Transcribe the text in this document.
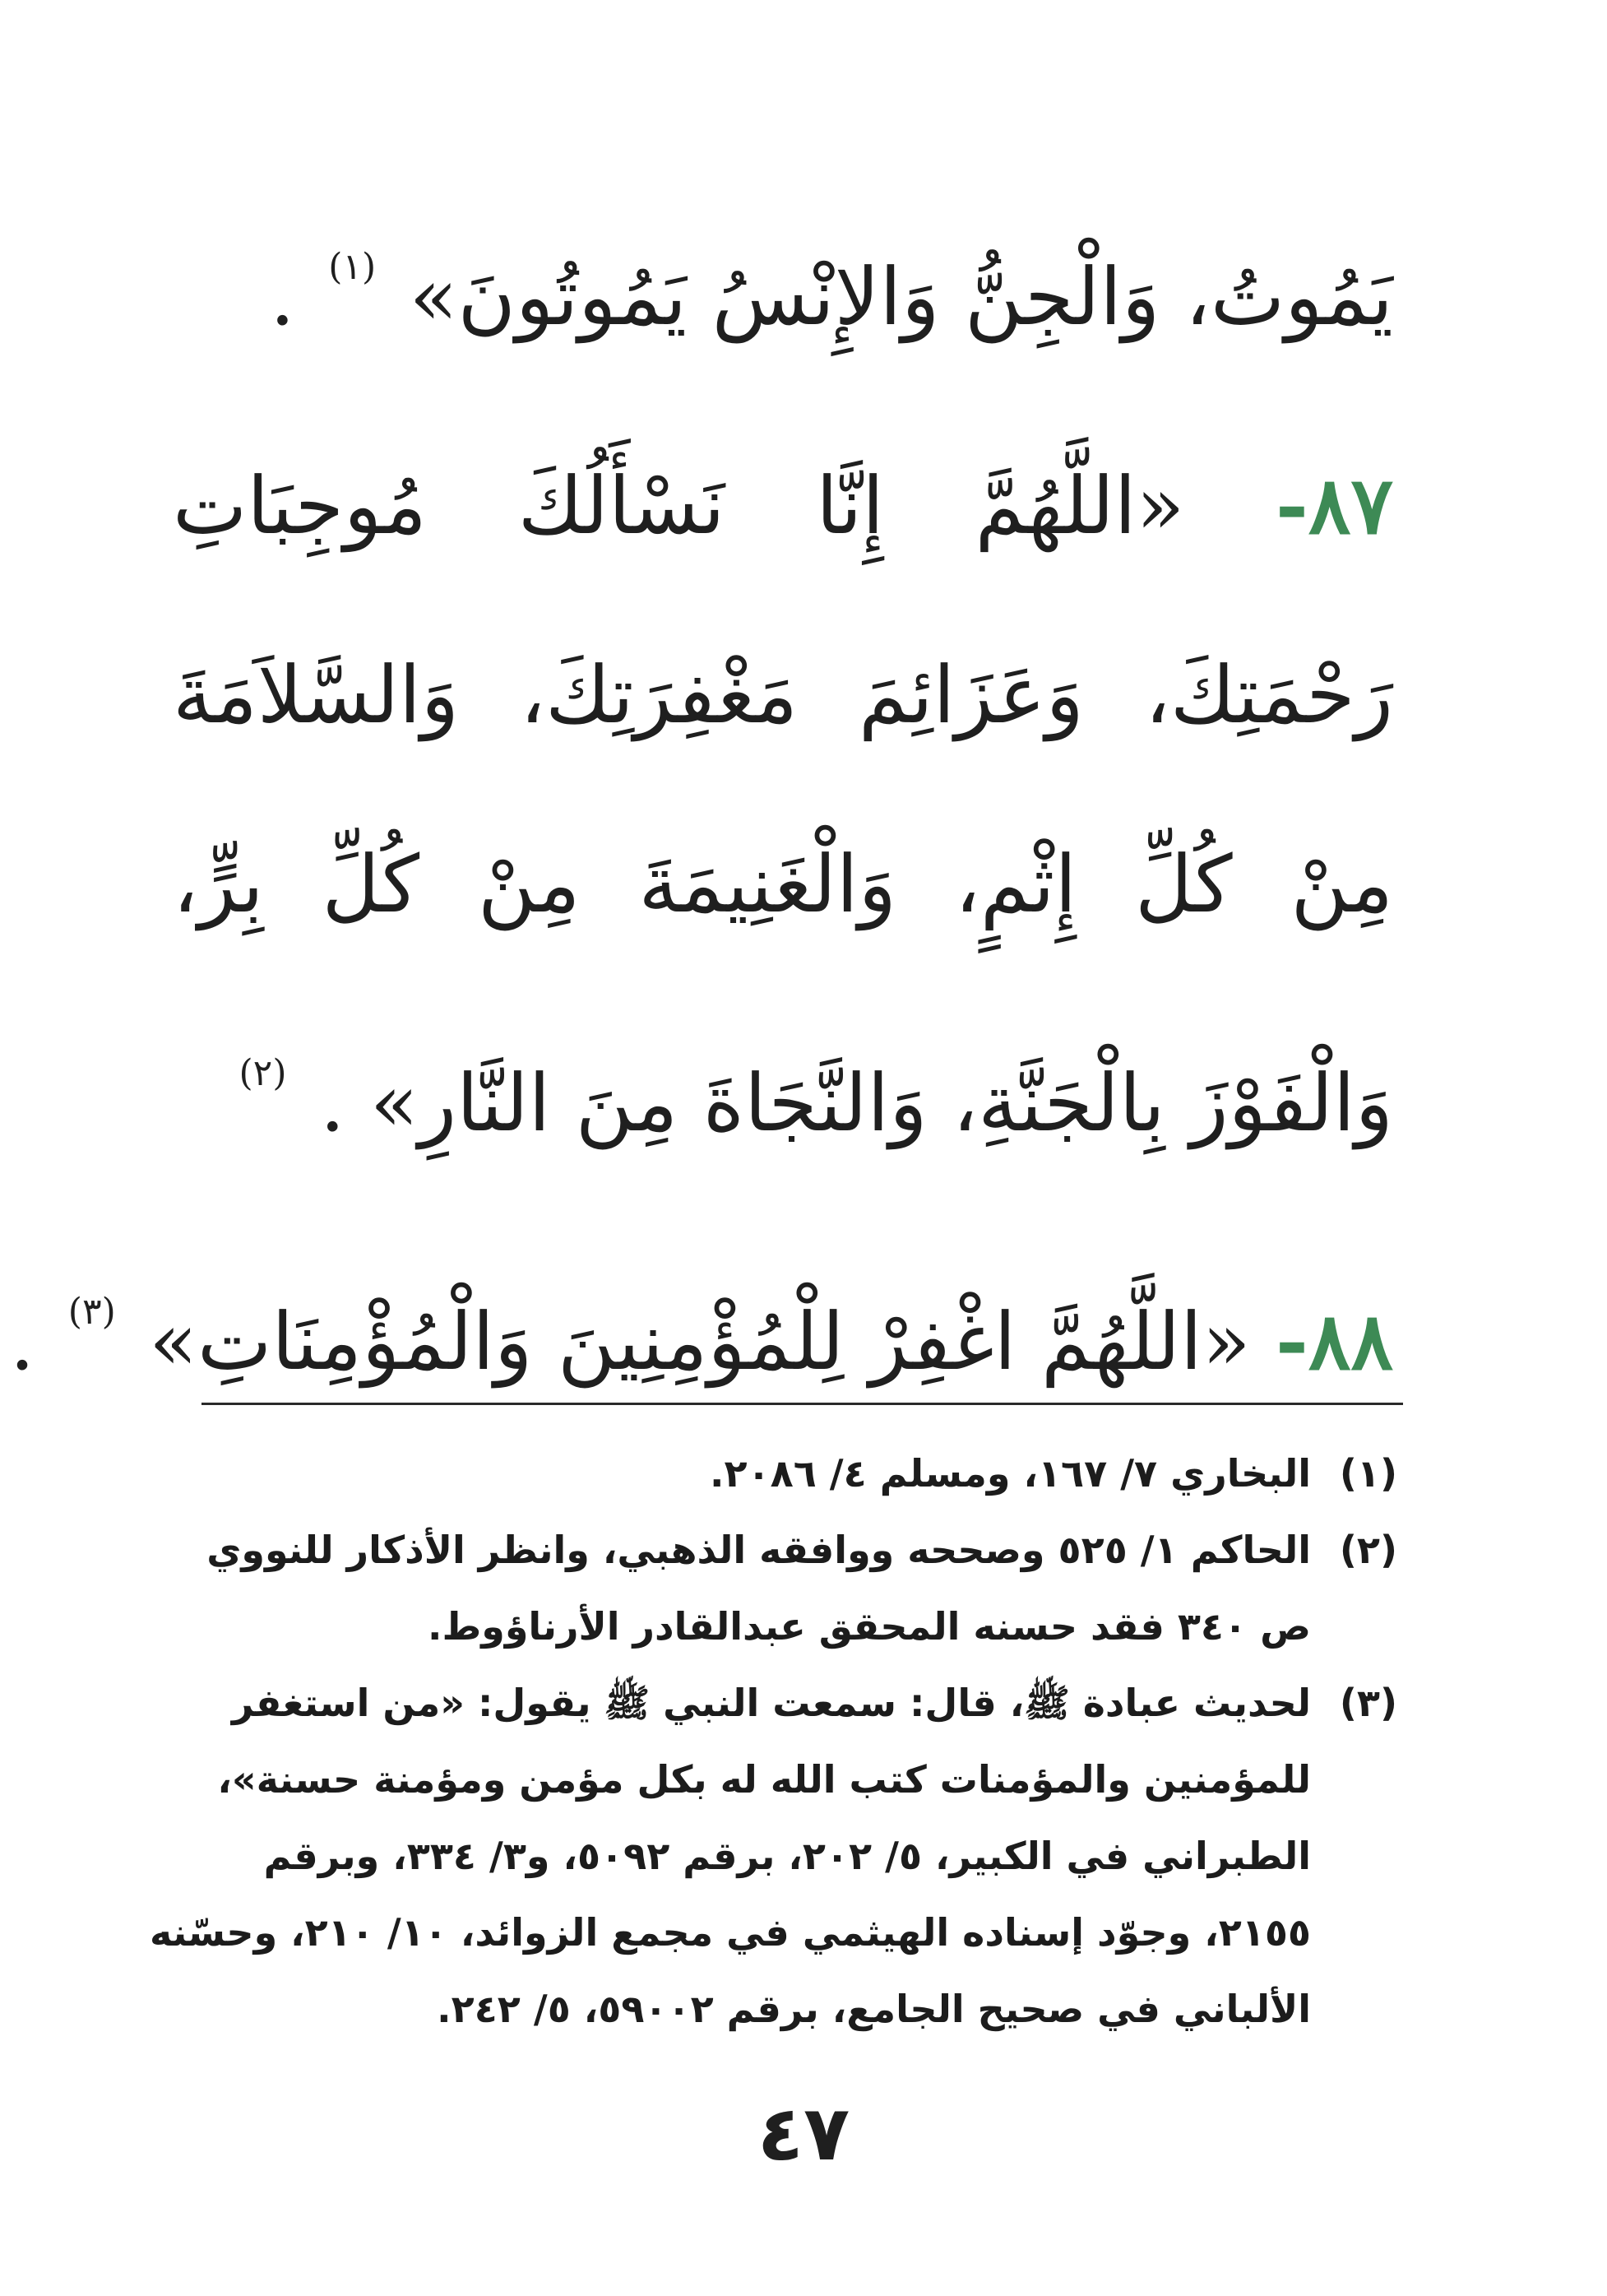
يَمُوتُ، وَالْجِنُّ وَالإِنْسُ يَمُوتُونَ» $^{(١)}$ .
٨٧- «اللَّهُمَّ إِنَّا نَسْأَلُكَ مُوجِبَاتِ
رَحْمَتِكَ، وَعَزَائِمَ مَغْفِرَتِكَ، وَالسَّلاَمَةَ
مِنْ كُلِّ إِثْمٍ، وَالْغَنِيمَةَ مِنْ كُلِّ بِرٍّ،
وَالْفَوْزَ بِالْجَنَّةِ، وَالنَّجَاةَ مِنَ النَّارِ» . $^{(٢)}$
٨٨- «اللَّهُمَّ اغْفِرْ لِلْمُؤْمِنِينَ وَالْمُؤْمِنَاتِ» $^{(٣)}$ .
(١)
البخاري ٧/ ١٦٧، ومسلم ٤/ ٢٠٨٦.
(٢)
الحاكم ١/ ٥٢٥ وصححه ووافقه الذهبي، وانظر الأذكار للنووي
ص ٣٤٠ فقد حسنه المحقق عبدالقادر الأرناؤوط.
(٣)
لحديث عبادة ﷺ، قال: سمعت النبي ﷺ يقول: «من استغفر
للمؤمنين والمؤمنات كتب الله له بكل مؤمن ومؤمنة حسنة»،
الطبراني في الكبير، ٥/ ٢٠٢، برقم ٥٠٩٢، و٣/ ٣٣٤، وبرقم
٢١٥٥، وجوّد إسناده الهيثمي في مجمع الزوائد، ١٠/ ٢١٠، وحسّنه
الألباني في صحيح الجامع، برقم ٥٩٠٠٢، ٥/ ٢٤٢.
٤٧
